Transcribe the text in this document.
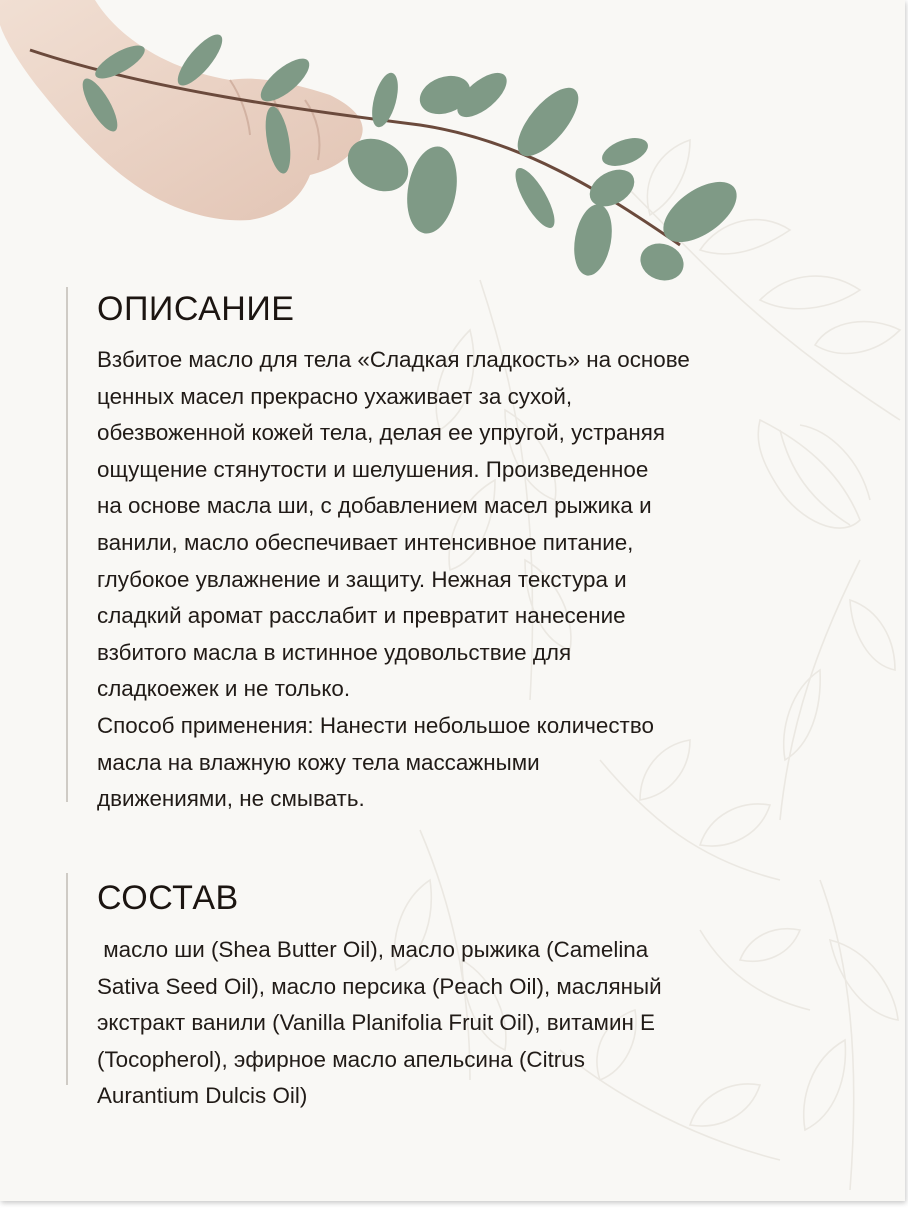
ОПИСАНИЕ
Взбитое масло для тела «Сладкая гладкость» на основе
ценных масел прекрасно ухаживает за сухой,
обезвоженной кожей тела, делая ее упругой, устраняя
ощущение стянутости и шелушения. Произведенное
на основе масла ши, с добавлением масел рыжика и
ванили, масло обеспечивает интенсивное питание,
глубокое увлажнение и защиту. Нежная текстура и
сладкий аромат расслабит и превратит нанесение
взбитого масла в истинное удовольствие для
сладкоежек и не только.
Способ применения: Нанести небольшое количество
масла на влажную кожу тела массажными
движениями, не смывать.
СОСТАВ
масло ши (Shea Butter Oil), масло рыжика (Camelina
Sativa Seed Oil), масло персика (Peach Oil), масляный
экстракт ванили (Vanilla Planifolia Fruit Oil), витамин Е
(Tocopherol), эфирное масло апельсина (Citrus
Aurantium Dulcis Oil)
